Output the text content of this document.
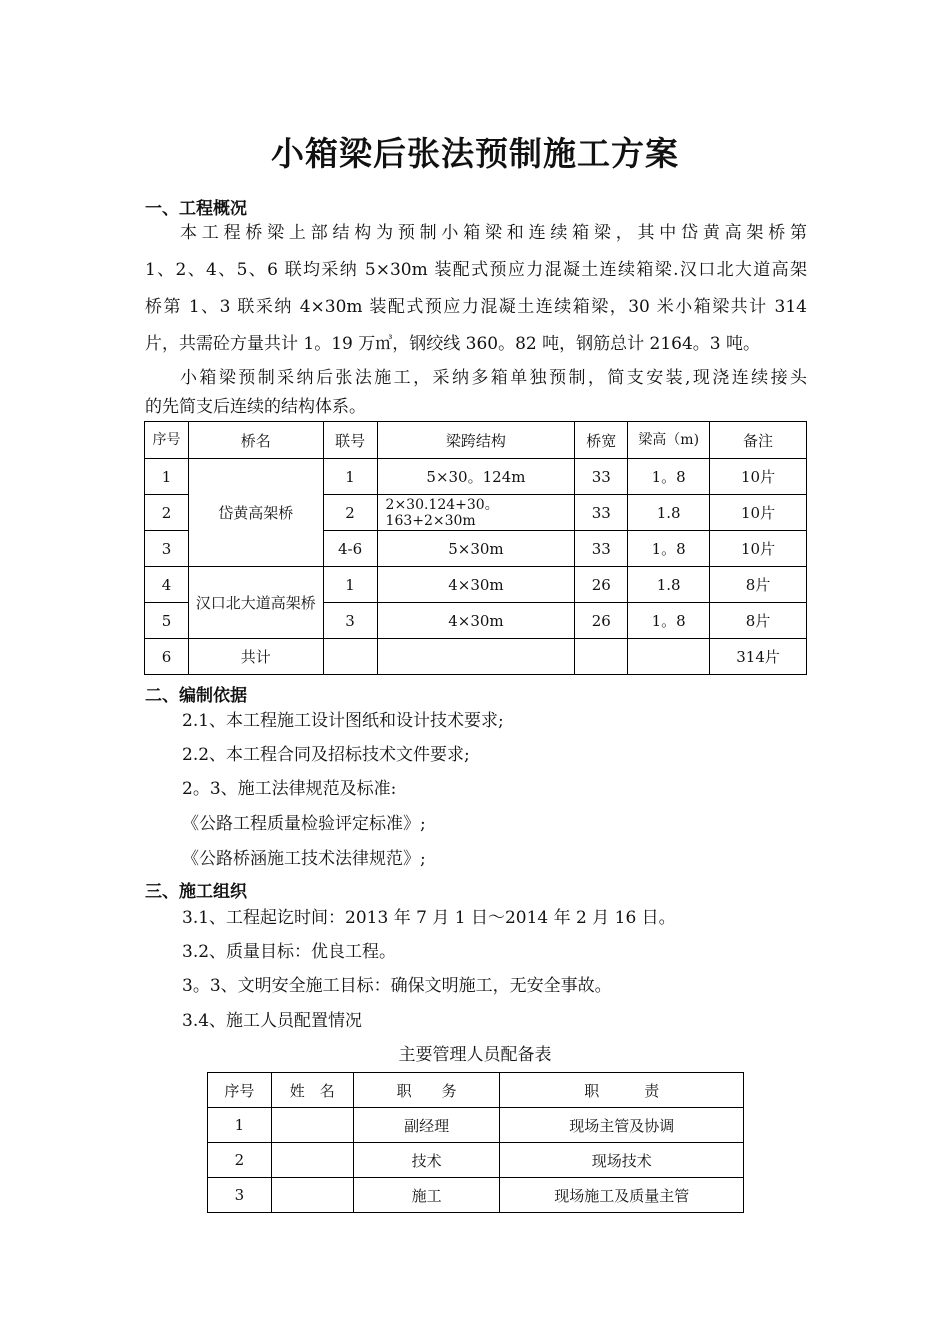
小箱梁后张法预制施工方案
一、工程概况
本工程桥梁上部结构为预制小箱梁和连续箱梁，其中岱黄高架桥第
1、2、4、5、6 联均采纳 5×30m 装配式预应力混凝土连续箱梁.汉口北大道高架
桥第 1、3 联采纳 4×30m 装配式预应力混凝土连续箱梁，30 米小箱梁共计 314
片，共需砼方量共计 1。19 万㎥，钢绞线 360。82 吨，钢筋总计 2164。3 吨。
小箱梁预制采纳后张法施工，采纳多箱单独预制，简支安装,现浇连续接头
的先简支后连续的结构体系。
序号	桥名	联号	梁跨结构	桥宽	梁高（m)	备注
1	岱黄高架桥	1	5×30。124m	33	1。8	10片
2		2	2×30.124+30。163+2×30m	33	1.8	10片
3		4-6	5×30m	33	1。8	10片
4	汉口北大道高架桥	1	4×30m	26	1.8	8片
5		3	4×30m	26	1。8	8片
6	共计					314片
二、编制依据
2.1、本工程施工设计图纸和设计技术要求;
2.2、本工程合同及招标技术文件要求;
2。3、施工法律规范及标准:
《公路工程质量检验评定标准》;
《公路桥涵施工技术法律规范》;
三、施工组织
3.1、工程起讫时间：2013 年 7 月 1 日～2014 年 2 月 16 日。
3.2、质量目标：优良工程。
3。3、文明安全施工目标：确保文明施工，无安全事故。
3.4、施工人员配置情况
主要管理人员配备表
序号	姓　名	职　　务	职　　　责
1		副经理	现场主管及协调
2		技术	现场技术
3		施工	现场施工及质量主管
